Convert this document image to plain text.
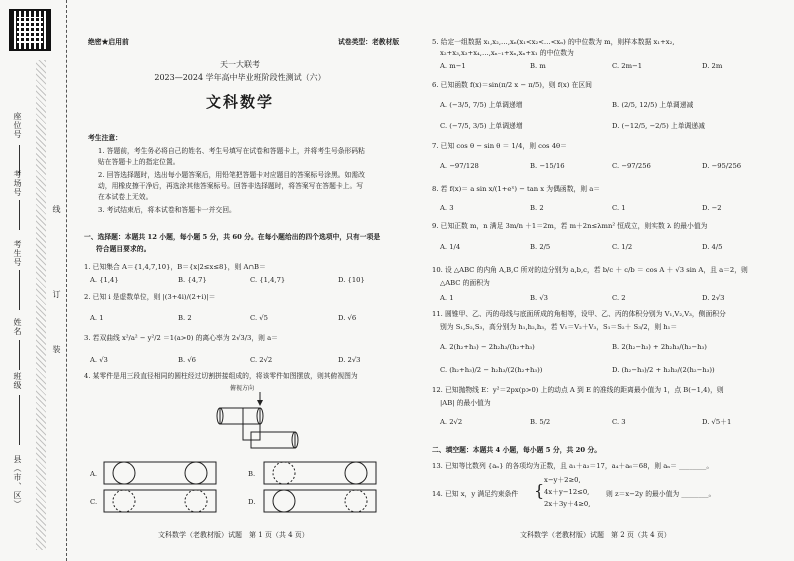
座位号
考场号
考生号
姓名
班级
县（市、区）
线
订
装
绝密★启用前	试卷类型：老教材版
天一大联考
2023—2024 学年高中毕业班阶段性测试（六）
文科数学
考生注意：
1. 答题前，考生务必将自己的姓名、考生号填写在试卷和答题卡上，并将考生号条形码粘
贴在答题卡上的指定位置。
2. 回答选择题时，选出每小题答案后，用铅笔把答题卡对应题目的答案标号涂黑。如需改
动，用橡皮擦干净后，再选涂其他答案标号。回答非选择题时，将答案写在答题卡上。写
在本试卷上无效。
3. 考试结束后，将本试卷和答题卡一并交回。
一、选择题：本题共 12 小题，每小题 5 分，共 60 分。在每小题给出的四个选项中，只有一项是
符合题目要求的。
1. 已知集合 A＝{1,4,7,10}，B＝{x|2≤x≤8}，则 A∩B＝
A. {1,4}	B. {4,7}	C. {1,4,7}	D. {10}
2. 已知 i 是虚数单位，则 |(3+4i)/(2+i)|＝
A. 1	B. 2	C. √5	D. √6
3. 若双曲线 x²/a² − y²/2 ＝1(a>0) 的离心率为 2√3/3，则 a＝
A. √3	B. √6	C. 2√2	D. 2√3
4. 某零件是用三段直径相同的圆柱经过切割拼接组成的，将该零件如图摆放，则其俯视图为
俯视方向
A.	B.
C.	D.
文科数学（老教材版）试题　第 1 页（共 4 页）
5. 给定一组数据 x₁,x₂,…,xₙ(x₁<x₂<…<xₙ) 的中位数为 m，则样本数据 x₁+x₂,
x₂+x₃,x₃+x₄,…,xₙ₋₁+xₙ,xₙ+x₁ 的中位数为
A. m−1	B. m	C. 2m−1	D. 2m
6. 已知函数 f(x)＝sin(π/2 x − π/5)，则 f(x) 在区间
A. (−3/5, 7/5) 上单调递增	B. (2/5, 12/5) 上单调递减
C. (−7/5, 3/5) 上单调递增	D. (−12/5, −2/5) 上单调递减
7. 已知 cos θ − sin θ ＝ 1/4，则 cos 4θ＝
A. −97/128	B. −15/16	C. −97/256	D. −95/256
8. 若 f(x)＝ a sin x/(1+eˣ) − tan x 为偶函数，则 a＝
A. 3	B. 2	C. 1	D. −2
9. 已知正数 m，n 满足 3m/n ＋1＝2m，若 m＋2n≤λmn² 恒成立，则实数 λ 的最小值为
A. 1/4	B. 2/5	C. 1/2	D. 4/5
10. 设 △ABC 的内角 A,B,C 所对的边分别为 a,b,c，若 b/c ＋ c/b ＝ cos A ＋ √3 sin A，且 a＝2，则
△ABC 的面积为
A. 1	B. √3	C. 2	D. 2√3
11. 圆锥甲、乙、丙的母线与底面所成的角相等，设甲、乙、丙的体积分别为 V₁,V₂,V₃，侧面积分
别为 S₁,S₂,S₃，高分别为 h₁,h₂,h₃，若 V₁＝V₂＋V₃，S₁＝S₂＋ S₃/2，则 h₁＝
A. 2(h₂+h₃) − 2h₂h₃/(h₂+h₃)	B. 2(h₂−h₃) + 2h₂h₃/(h₂−h₃)
C. (h₂+h₃)/2 − h₂h₃/(2(h₂+h₃))	D. (h₂−h₃)/2 + h₂h₃/(2(h₂−h₃))
12. 已知抛物线 E：y²＝2px(p>0) 上的动点 A 到 E 的准线的距离最小值为 1，点 B(−1,4)，则
|AB| 的最小值为
A. 2√2	B. 5/2	C. 3	D. √5＋1
二、填空题：本题共 4 小题，每小题 5 分，共 20 分。
13. 已知等比数列 {aₙ} 的各项均为正数，且 a₁＋a₃＝17，a₄＋a₆＝68，则 aₙ＝ ________。
14. 已知 x，y 满足约束条件 {
x−y＋2≥0,
4x＋y−12≤0,
2x＋3y＋4≥0,
则 z＝x−2y 的最小值为 ________。
文科数学（老教材版）试题　第 2 页（共 4 页）
